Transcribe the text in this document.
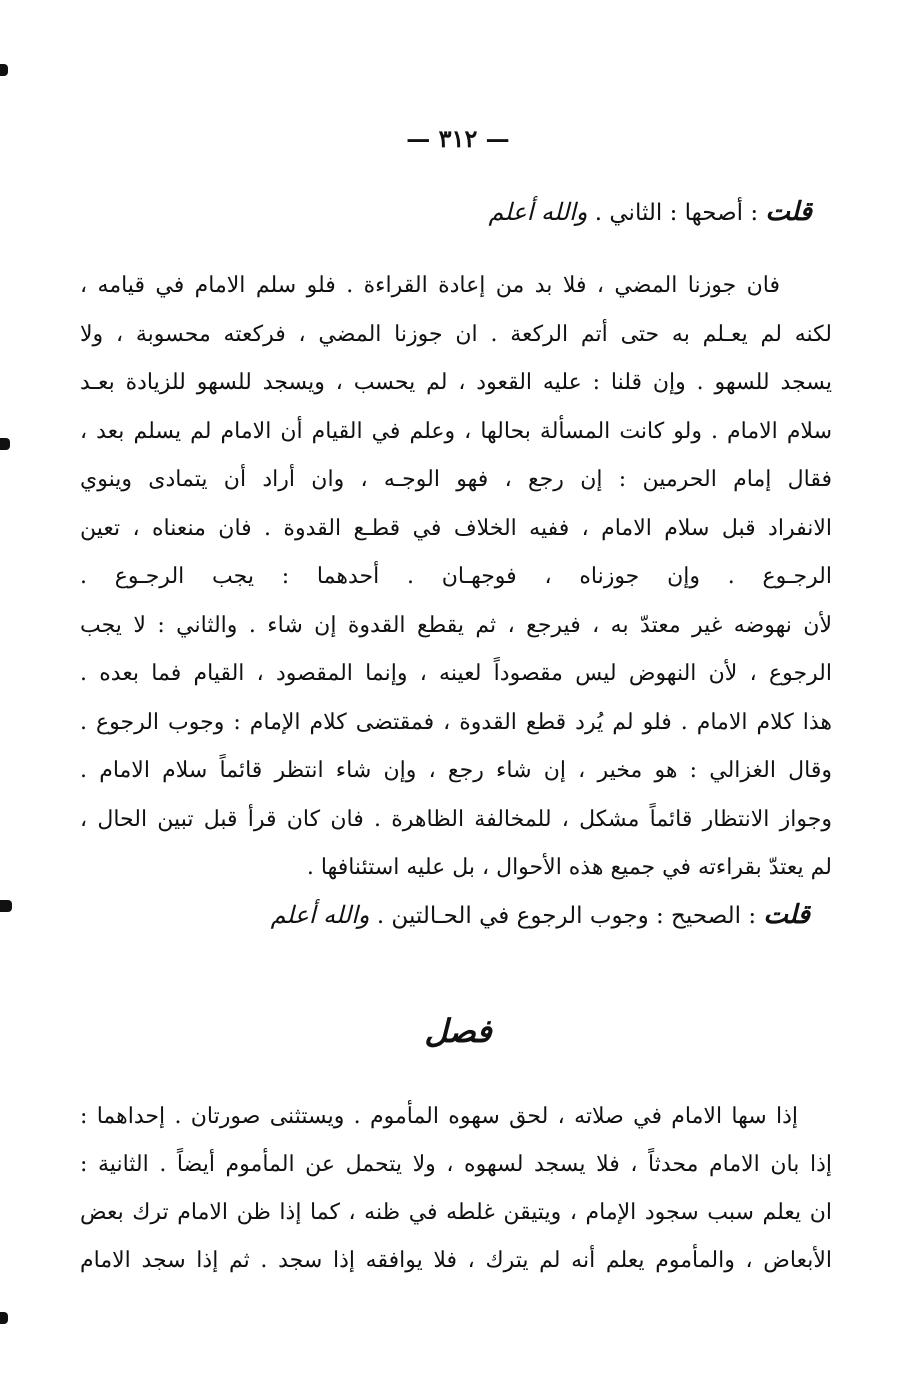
— ٣١٢ —
قلت : أصحها : الثاني . والله أعلم
فان جوزنا المضي ، فلا بد من إعادة القراءة . فلو سلم الامام في قيامه ،
لكنه لم يعـلم به حتى أتم الركعة . ان جوزنا المضي ، فركعته محسوبة ، ولا
يسجد للسهو . وإن قلنا : عليه القعود ، لم يحسب ، ويسجد للسهو للزيادة بعـد
سلام الامام . ولو كانت المسألة بحالها ، وعلم في القيام أن الامام لم يسلم بعد ،
فقال إمام الحرمين : إن رجع ، فهو الوجـه ، وان أراد أن يتمادى وينوي
الانفراد قبل سلام الامام ، ففيه الخلاف في قطـع القدوة . فان منعناه ، تعين
الرجـوع . وإن جوزناه ، فوجهـان . أحدهما : يجب الرجـوع .
لأن نهوضه غير معتدّ به ، فيرجع ، ثم يقطع القدوة إن شاء . والثاني : لا يجب
الرجوع ، لأن النهوض ليس مقصوداً لعينه ، وإنما المقصود ، القيام فما بعده .
هذا كلام الامام . فلو لم يُرد قطع القدوة ، فمقتضى كلام الإمام : وجوب الرجوع .
وقال الغزالي : هو مخير ، إن شاء رجع ، وإن شاء انتظر قائماً سلام الامام .
وجواز الانتظار قائماً مشكل ، للمخالفة الظاهرة . فان كان قرأ قبل تبين الحال ،
لم يعتدّ بقراءته في جميع هذه الأحوال ، بل عليه استئنافها .
قلت : الصحيح : وجوب الرجوع في الحـالتين . والله أعلم
فصل
إذا سها الامام في صلاته ، لحق سهوه المأموم . ويستثنى صورتان . إحداهما :
إذا بان الامام محدثاً ، فلا يسجد لسهوه ، ولا يتحمل عن المأموم أيضاً . الثانية :
ان يعلم سبب سجود الإمام ، ويتيقن غلطه في ظنه ، كما إذا ظن الامام ترك بعض
الأبعاض ، والمأموم يعلم أنه لم يترك ، فلا يوافقه إذا سجد . ثم إذا سجد الامام
